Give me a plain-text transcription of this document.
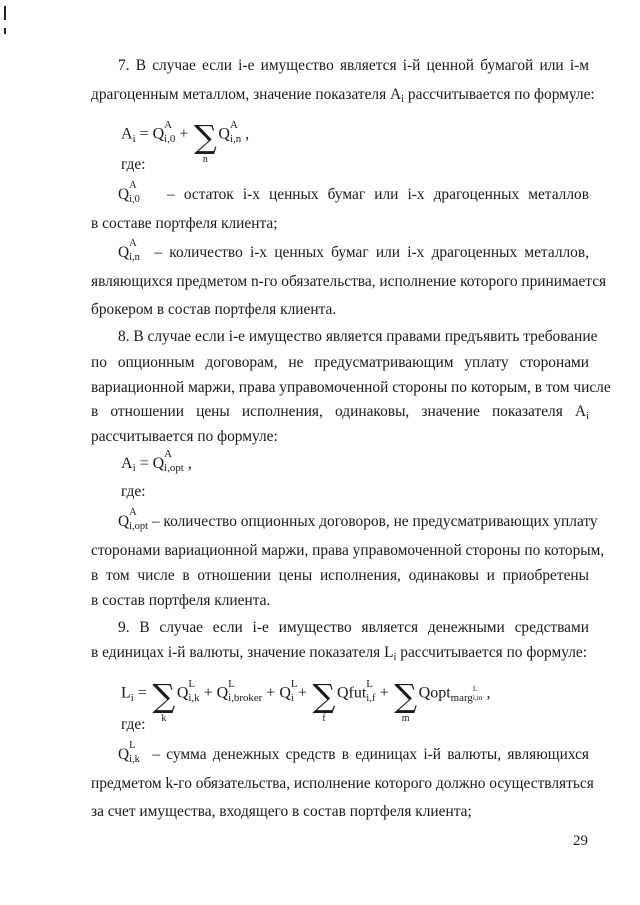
7. В случае если i-е имущество является i-й ценной бумагой или i-м
драгоценным металлом, значение показателя $A_i$ рассчитывается по формуле:
$A_i = Q$
A
$_{i,0}$ + ∑
n
Q
A
$_{i,n}$ ,
где:
Q
A
$_{i,0}$ – остаток i-х ценных бумаг или i-х драгоценных металлов
в составе портфеля клиента;
Q
A
$_{i,n}$ – количество i-х ценных бумаг или i-х драгоценных металлов,
являющихся предметом n-го обязательства, исполнение которого принимается
брокером в состав портфеля клиента.
8. В случае если i-е имущество является правами предъявить требование
по опционным договорам, не предусматривающим уплату сторонами
вариационной маржи, права управомоченной стороны по которым, в том числе
в отношении цены исполнения, одинаковы, значение показателя $A_i$
рассчитывается по формуле:
$A_i = Q$
A
$_{i,opt}$ ,
где:
Q
A
$_{i,opt}$ – количество опционных договоров, не предусматривающих уплату
сторонами вариационной маржи, права управомоченной стороны по которым,
в том числе в отношении цены исполнения, одинаковы и приобретены
в состав портфеля клиента.
9. В случае если i-е имущество является денежными средствами
в единицах i-й валюты, значение показателя $L_i$ рассчитывается по формуле:
$L_i$ = ∑
k
Q
L
$_{i,k}$ + Q
L
$_{i,broker}$ + Q
L
$_i$ + ∑
f
Qfut
L
$_{i,f}$ + ∑
m
Qopt$_{marg}$
L
$_{i,m}$ ,
где:
Q
L
$_{i,k}$ – сумма денежных средств в единицах i-й валюты, являющихся
предметом k-го обязательства, исполнение которого должно осуществляться
за счет имущества, входящего в состав портфеля клиента;
29
